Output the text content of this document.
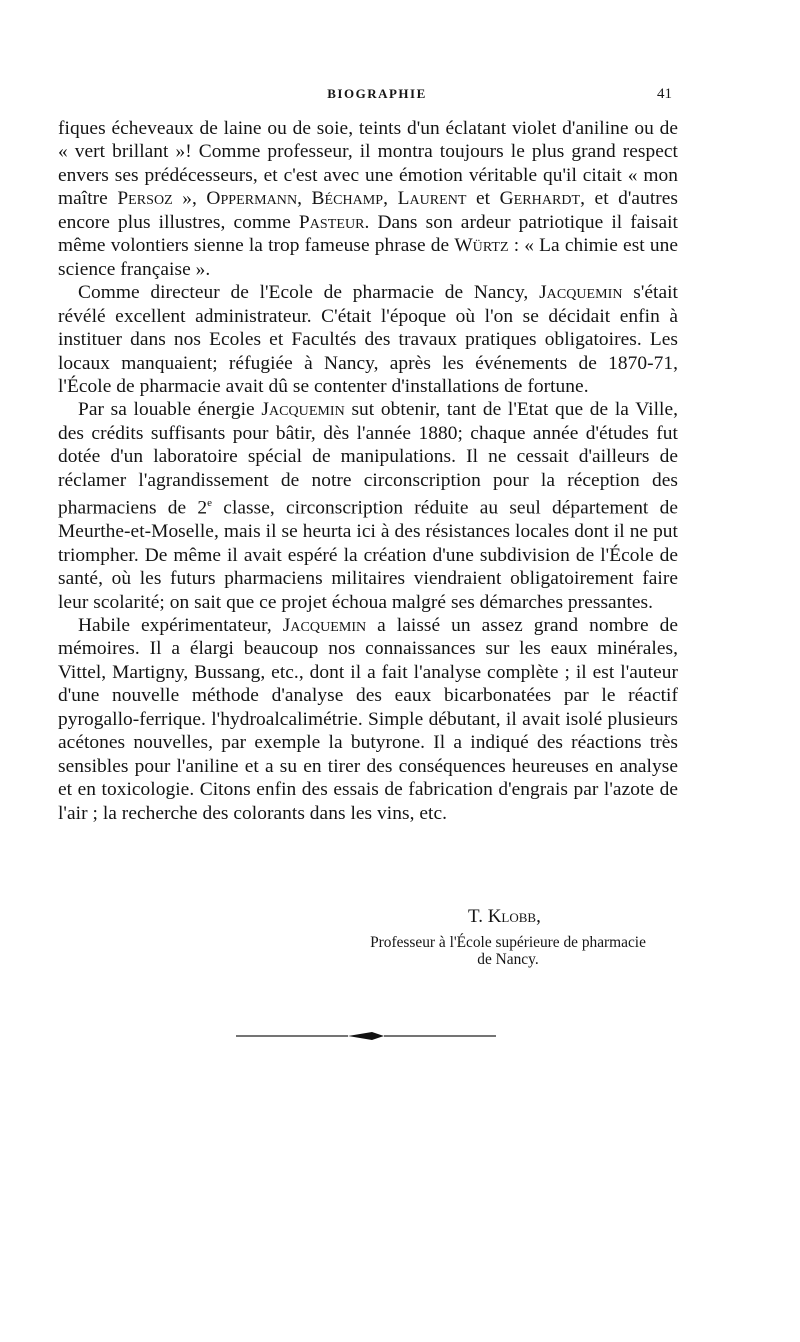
BIOGRAPHIE	41

fiques écheveaux de laine ou de soie, teints d'un éclatant violet d'aniline ou de « vert brillant »! Comme professeur, il montra toujours le plus grand respect envers ses prédécesseurs, et c'est avec une émotion véritable qu'il citait « mon maître Persoz », Oppermann, Béchamp, Laurent et Gerhardt, et d'autres encore plus illustres, comme Pasteur. Dans son ardeur patriotique il faisait même volontiers sienne la trop fameuse phrase de Würtz : « La chimie est une science française ».

Comme directeur de l'Ecole de pharmacie de Nancy, Jacquemin s'était révélé excellent administrateur. C'était l'époque où l'on se décidait enfin à instituer dans nos Ecoles et Facultés des travaux pratiques obligatoires. Les locaux manquaient; réfugiée à Nancy, après les événements de 1870-71, l'École de pharmacie avait dû se contenter d'installations de fortune.

Par sa louable énergie Jacquemin sut obtenir, tant de l'Etat que de la Ville, des crédits suffisants pour bâtir, dès l'année 1880; chaque année d'études fut dotée d'un laboratoire spécial de manipulations. Il ne cessait d'ailleurs de réclamer l'agrandissement de notre circonscription pour la réception des pharmaciens de 2e classe, circonscription réduite au seul département de Meurthe-et-Moselle, mais il se heurta ici à des résistances locales dont il ne put triompher. De même il avait espéré la création d'une subdivision de l'École de santé, où les futurs pharmaciens militaires viendraient obligatoirement faire leur scolarité; on sait que ce projet échoua malgré ses démarches pressantes.

Habile expérimentateur, Jacquemin a laissé un assez grand nombre de mémoires. Il a élargi beaucoup nos connaissances sur les eaux minérales, Vittel, Martigny, Bussang, etc., dont il a fait l'analyse complète ; il est l'auteur d'une nouvelle méthode d'analyse des eaux bicarbonatées par le réactif pyrogallo-ferrique. l'hydroalcalimétrie. Simple débutant, il avait isolé plusieurs acétones nouvelles, par exemple la butyrone. Il a indiqué des réactions très sensibles pour l'aniline et a su en tirer des conséquences heureuses en analyse et en toxicologie. Citons enfin des essais de fabrication d'engrais par l'azote de l'air ; la recherche des colorants dans les vins, etc.

T. Klobb,
Professeur à l'École supérieure de pharmacie
de Nancy.
